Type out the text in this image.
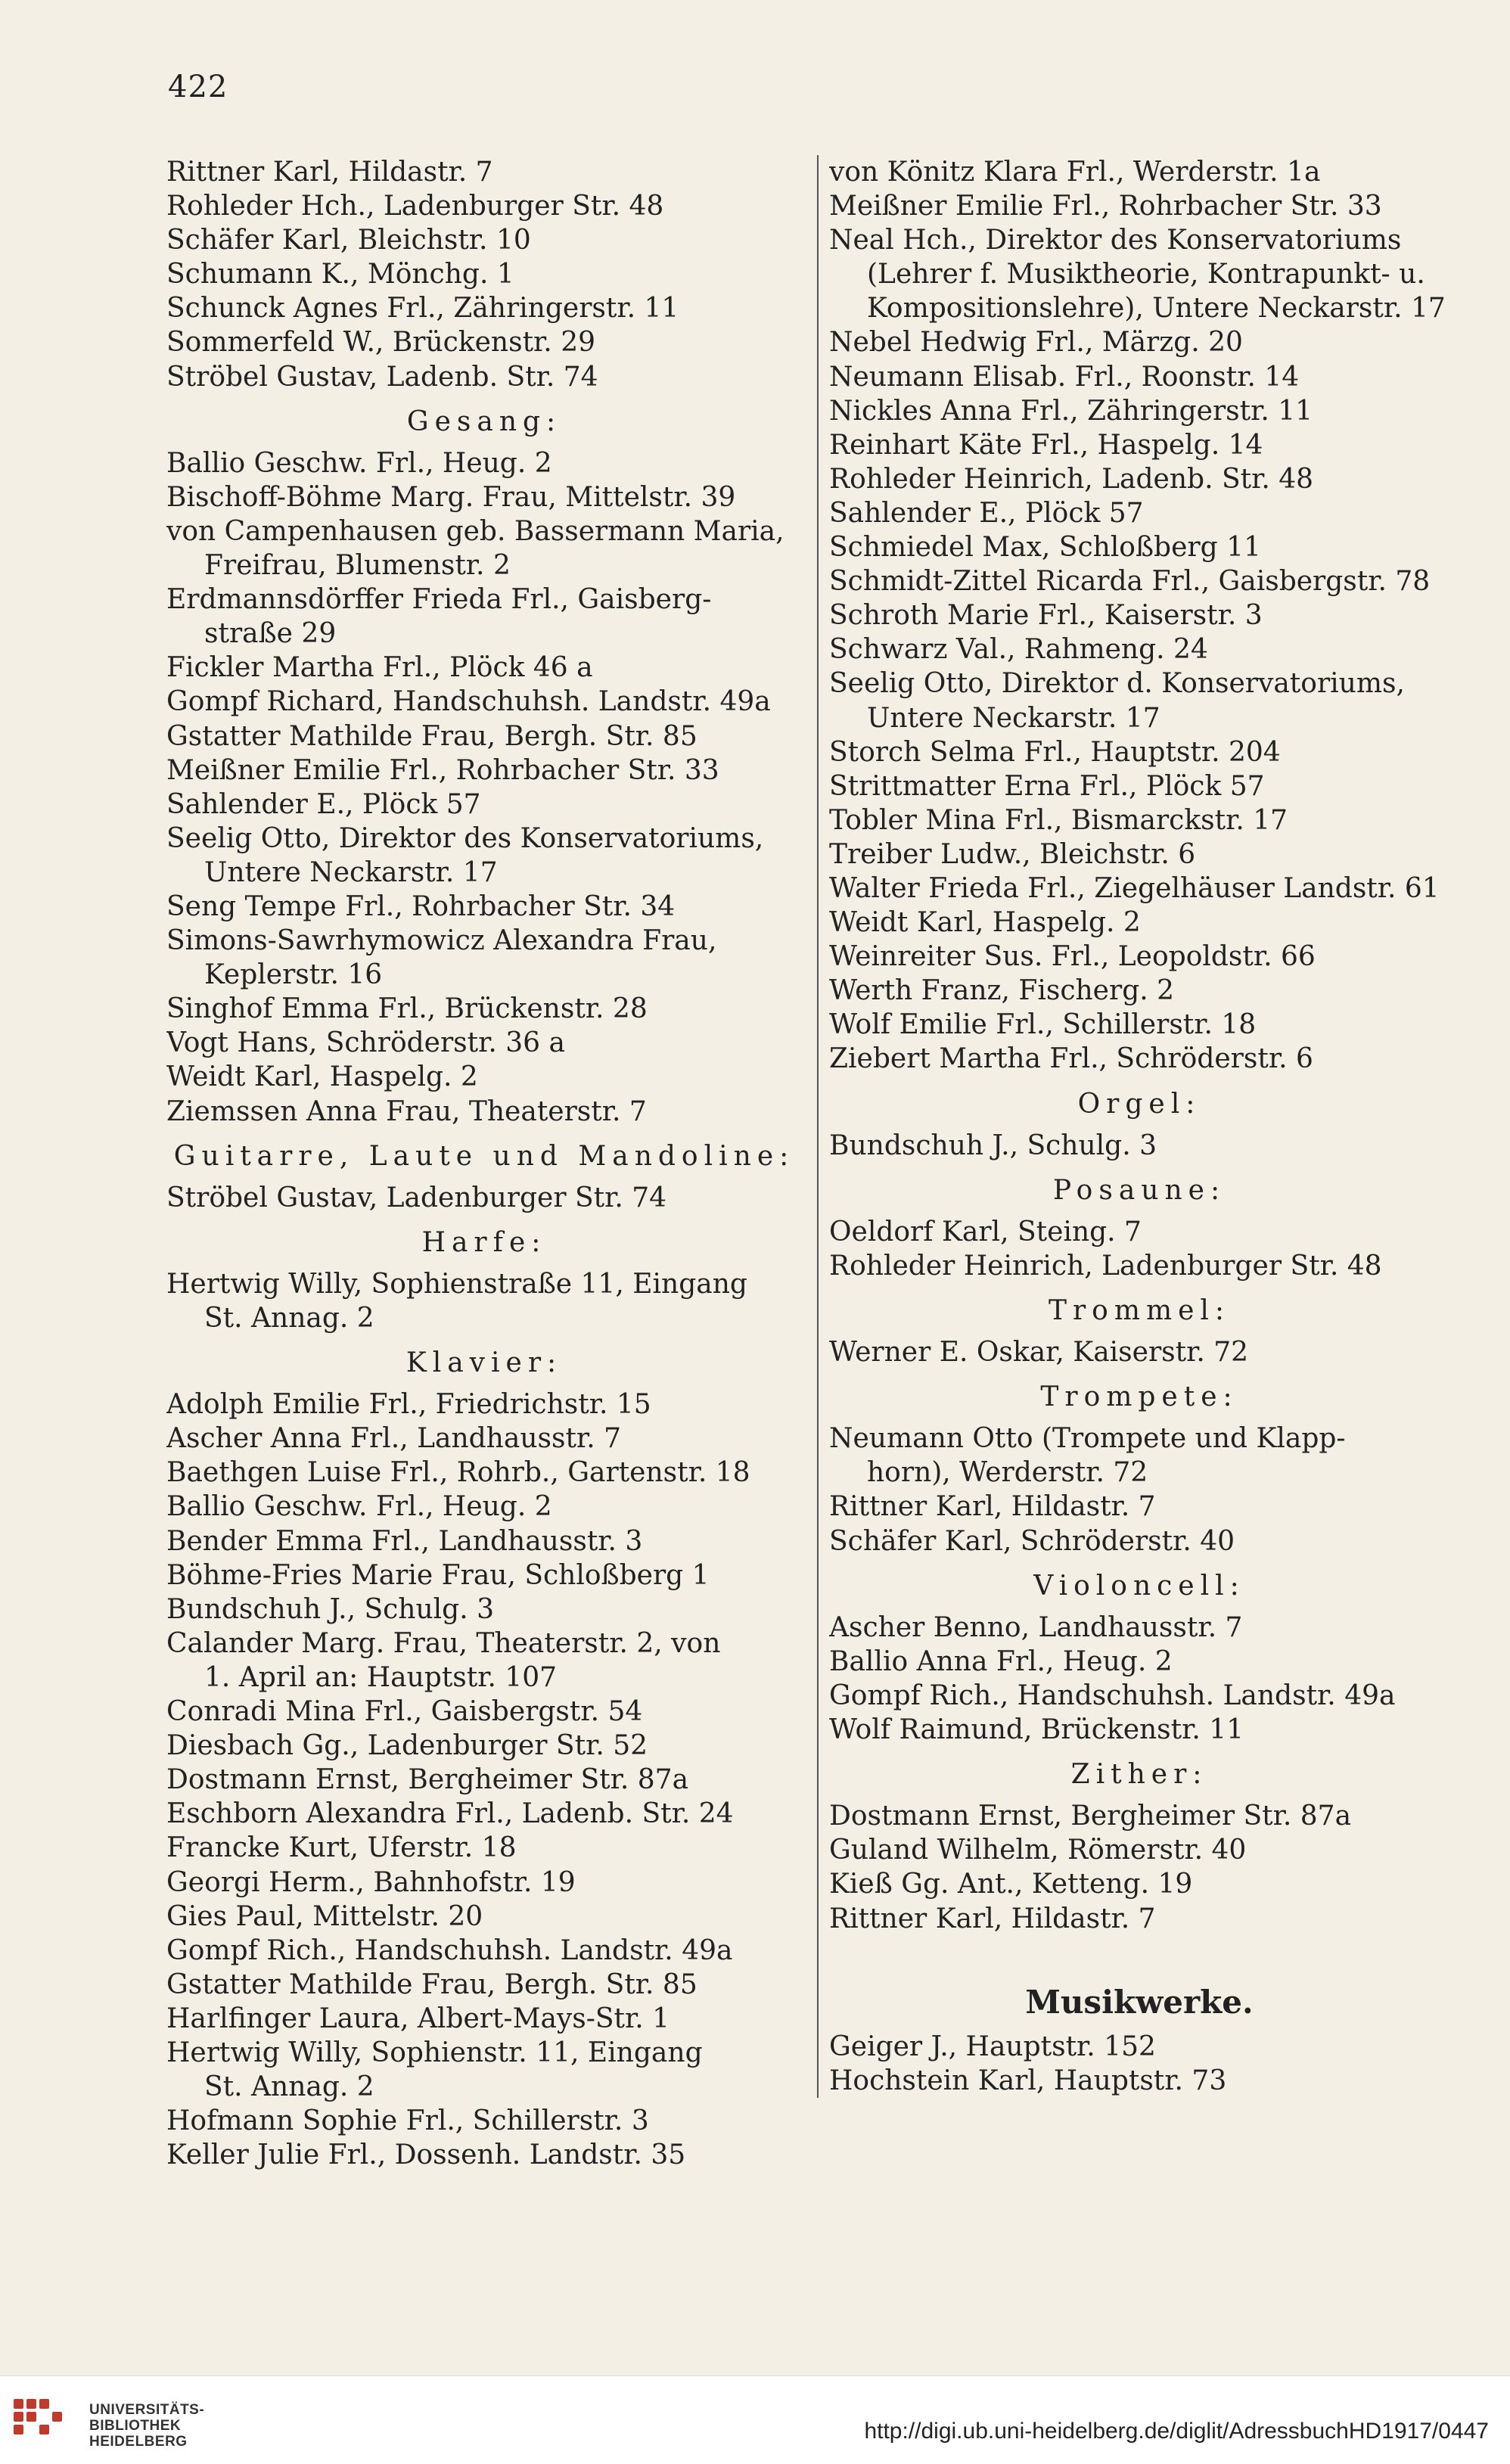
422
Rittner Karl, Hildastr. 7
Rohleder Hch., Ladenburger Str. 48
Schäfer Karl, Bleichstr. 10
Schumann K., Mönchg. 1
Schunck Agnes Frl., Zähringerstr. 11
Sommerfeld W., Brückenstr. 29
Ströbel Gustav, Ladenb. Str. 74
Gesang:
Ballio Geschw. Frl., Heug. 2
Bischoff-Böhme Marg. Frau, Mittelstr. 39
von Campenhausen geb. Bassermann Maria,
Freifrau, Blumenstr. 2
Erdmannsdörffer Frieda Frl., Gaisberg-
straße 29
Fickler Martha Frl., Plöck 46 a
Gompf Richard, Handschuhsh. Landstr. 49a
Gstatter Mathilde Frau, Bergh. Str. 85
Meißner Emilie Frl., Rohrbacher Str. 33
Sahlender E., Plöck 57
Seelig Otto, Direktor des Konservatoriums,
Untere Neckarstr. 17
Seng Tempe Frl., Rohrbacher Str. 34
Simons-Sawrhymowicz Alexandra Frau,
Keplerstr. 16
Singhof Emma Frl., Brückenstr. 28
Vogt Hans, Schröderstr. 36 a
Weidt Karl, Haspelg. 2
Ziemssen Anna Frau, Theaterstr. 7
Guitarre, Laute und Mandoline:
Ströbel Gustav, Ladenburger Str. 74
Harfe:
Hertwig Willy, Sophienstraße 11, Eingang
St. Annag. 2
Klavier:
Adolph Emilie Frl., Friedrichstr. 15
Ascher Anna Frl., Landhausstr. 7
Baethgen Luise Frl., Rohrb., Gartenstr. 18
Ballio Geschw. Frl., Heug. 2
Bender Emma Frl., Landhausstr. 3
Böhme-Fries Marie Frau, Schloßberg 1
Bundschuh J., Schulg. 3
Calander Marg. Frau, Theaterstr. 2, von
1. April an: Hauptstr. 107
Conradi Mina Frl., Gaisbergstr. 54
Diesbach Gg., Ladenburger Str. 52
Dostmann Ernst, Bergheimer Str. 87a
Eschborn Alexandra Frl., Ladenb. Str. 24
Francke Kurt, Uferstr. 18
Georgi Herm., Bahnhofstr. 19
Gies Paul, Mittelstr. 20
Gompf Rich., Handschuhsh. Landstr. 49a
Gstatter Mathilde Frau, Bergh. Str. 85
Harlfinger Laura, Albert-Mays-Str. 1
Hertwig Willy, Sophienstr. 11, Eingang
St. Annag. 2
Hofmann Sophie Frl., Schillerstr. 3
Keller Julie Frl., Dossenh. Landstr. 35
von Könitz Klara Frl., Werderstr. 1a
Meißner Emilie Frl., Rohrbacher Str. 33
Neal Hch., Direktor des Konservatoriums
(Lehrer f. Musiktheorie, Kontrapunkt- u.
Kompositionslehre), Untere Neckarstr. 17
Nebel Hedwig Frl., Märzg. 20
Neumann Elisab. Frl., Roonstr. 14
Nickles Anna Frl., Zähringerstr. 11
Reinhart Käte Frl., Haspelg. 14
Rohleder Heinrich, Ladenb. Str. 48
Sahlender E., Plöck 57
Schmiedel Max, Schloßberg 11
Schmidt-Zittel Ricarda Frl., Gaisbergstr. 78
Schroth Marie Frl., Kaiserstr. 3
Schwarz Val., Rahmeng. 24
Seelig Otto, Direktor d. Konservatoriums,
Untere Neckarstr. 17
Storch Selma Frl., Hauptstr. 204
Strittmatter Erna Frl., Plöck 57
Tobler Mina Frl., Bismarckstr. 17
Treiber Ludw., Bleichstr. 6
Walter Frieda Frl., Ziegelhäuser Landstr. 61
Weidt Karl, Haspelg. 2
Weinreiter Sus. Frl., Leopoldstr. 66
Werth Franz, Fischerg. 2
Wolf Emilie Frl., Schillerstr. 18
Ziebert Martha Frl., Schröderstr. 6
Orgel:
Bundschuh J., Schulg. 3
Posaune:
Oeldorf Karl, Steing. 7
Rohleder Heinrich, Ladenburger Str. 48
Trommel:
Werner E. Oskar, Kaiserstr. 72
Trompete:
Neumann Otto (Trompete und Klapp-
horn), Werderstr. 72
Rittner Karl, Hildastr. 7
Schäfer Karl, Schröderstr. 40
Violoncell:
Ascher Benno, Landhausstr. 7
Ballio Anna Frl., Heug. 2
Gompf Rich., Handschuhsh. Landstr. 49a
Wolf Raimund, Brückenstr. 11
Zither:
Dostmann Ernst, Bergheimer Str. 87a
Guland Wilhelm, Römerstr. 40
Kieß Gg. Ant., Ketteng. 19
Rittner Karl, Hildastr. 7
Musikwerke.
Geiger J., Hauptstr. 152
Hochstein Karl, Hauptstr. 73
UNIVERSITÄTS-
BIBLIOTHEK
HEIDELBERG	http://digi.ub.uni-heidelberg.de/diglit/AdressbuchHD1917/0447
